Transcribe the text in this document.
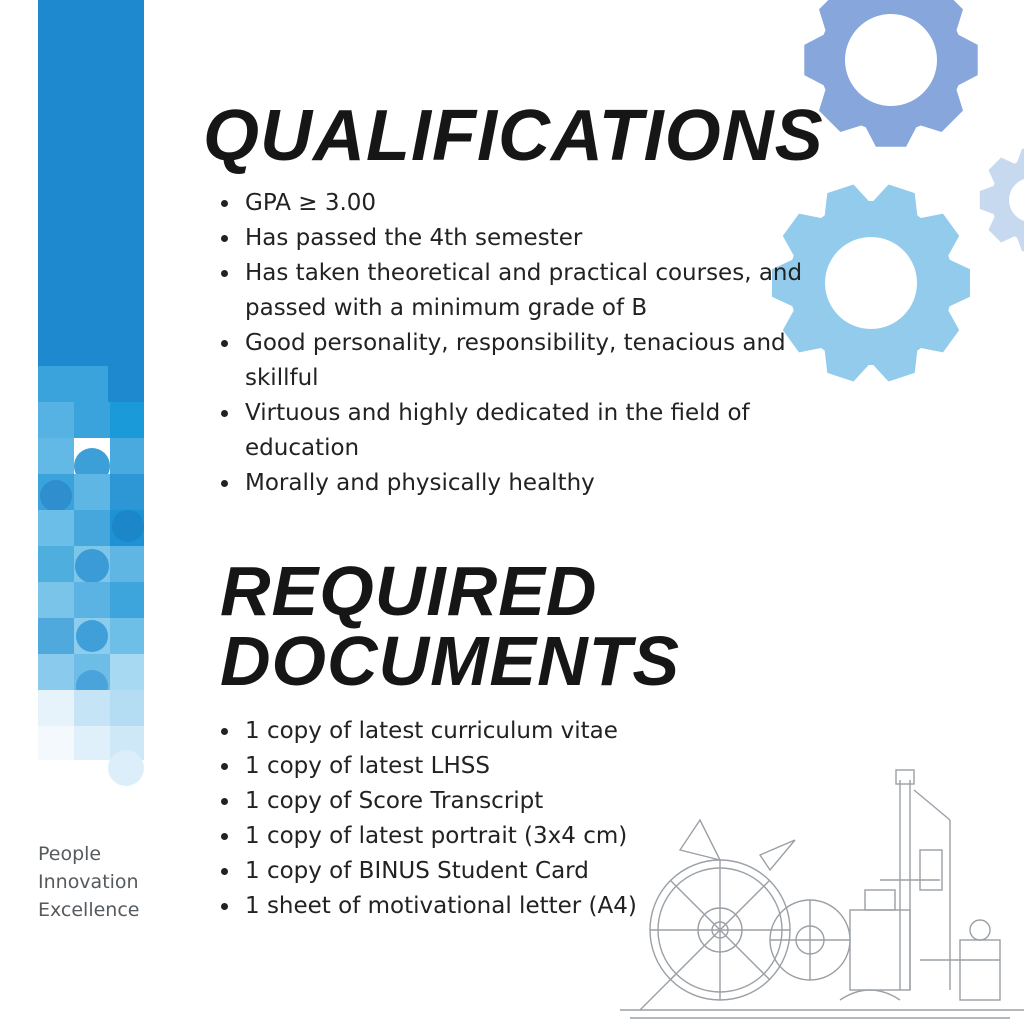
People
Innovation
Excellence
QUALIFICATIONS
GPA ≥ 3.00
Has passed the 4th semester
Has taken theoretical and practical courses, and passed with a minimum grade of B
Good personality, responsibility, tenacious and skillful
Virtuous and highly dedicated in the field of education
Morally and physically healthy
REQUIRED
DOCUMENTS
1 copy of latest curriculum vitae
1 copy of latest LHSS
1 copy of Score Transcript
1 copy of latest portrait (3x4 cm)
1 copy of BINUS Student Card
1 sheet of motivational letter (A4)
